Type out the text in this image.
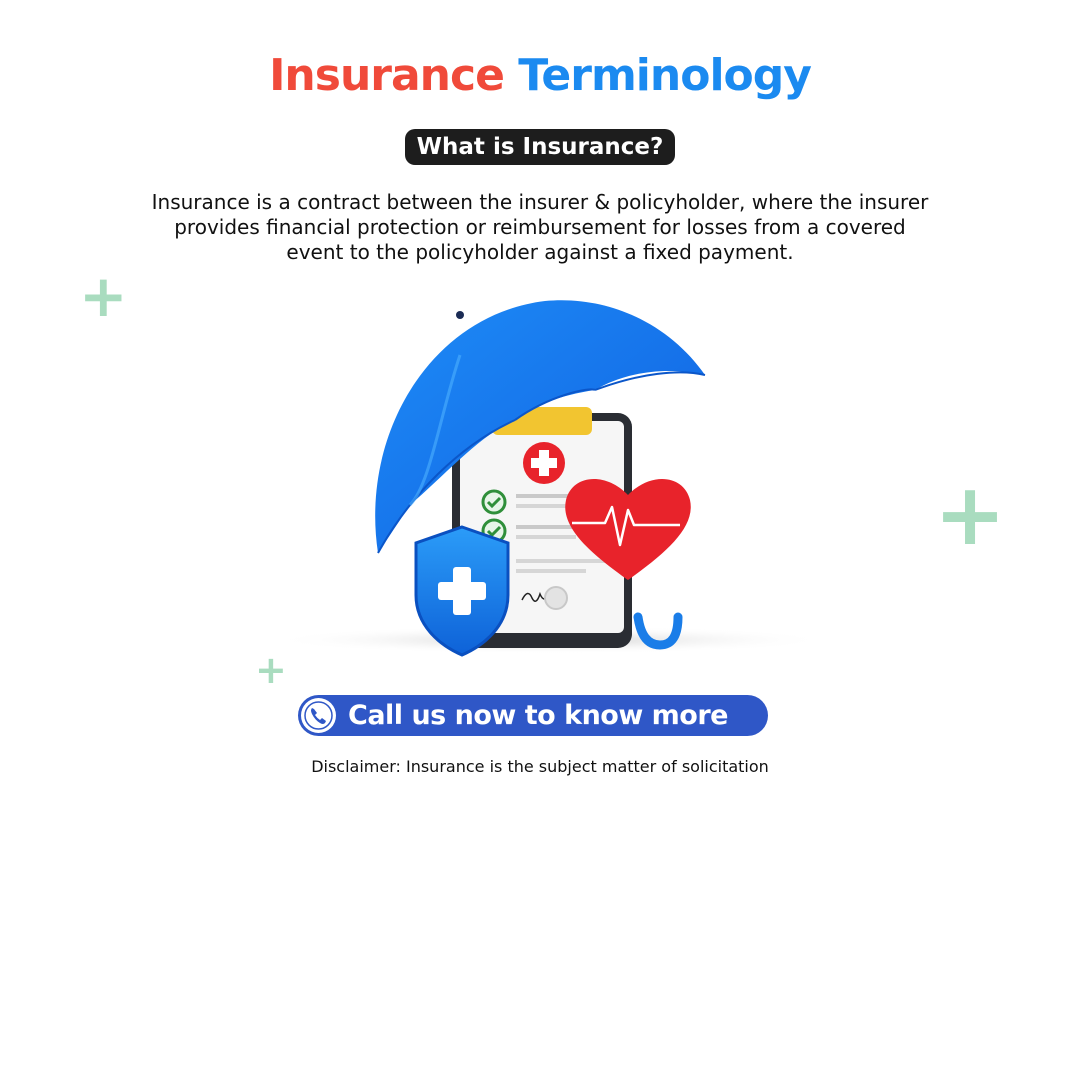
Insurance Terminology
What is Insurance?
Insurance is a contract between the insurer & policyholder, where the insurer provides financial protection or reimbursement for losses from a covered event to the policyholder against a fixed payment.
+
+
+
Call us now to know more
Disclaimer: Insurance is the subject matter of solicitation
